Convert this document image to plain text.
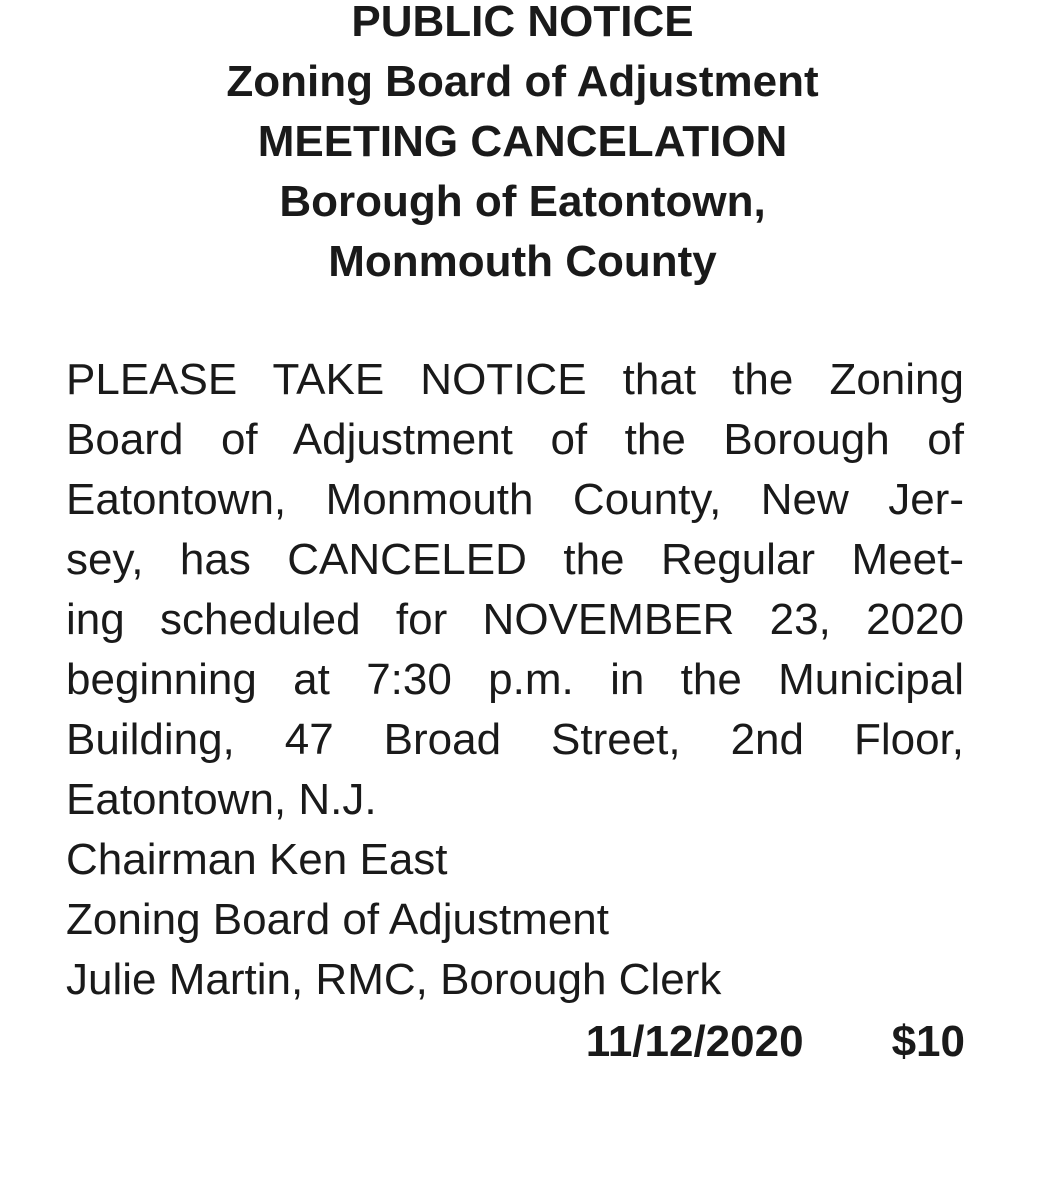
PUBLIC NOTICE
Zoning Board of Adjustment
MEETING CANCELATION
Borough of Eatontown,
Monmouth County
PLEASE TAKE NOTICE that the Zoning
Board of Adjustment of the Borough of
Eatontown, Monmouth County, New Jer-
sey, has CANCELED the Regular Meet-
ing scheduled for NOVEMBER 23, 2020
beginning at 7:30 p.m. in the Municipal
Building, 47 Broad Street, 2nd Floor,
Eatontown, N.J.
Chairman Ken East
Zoning Board of Adjustment
Julie Martin, RMC, Borough Clerk
11/12/2020 $10
